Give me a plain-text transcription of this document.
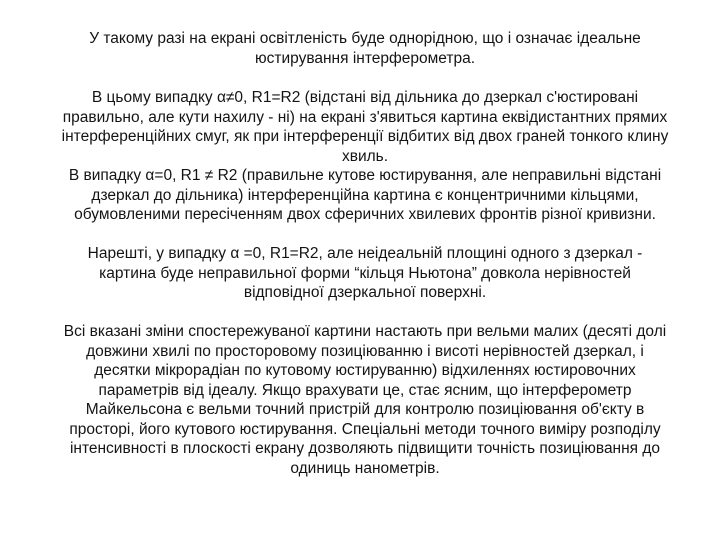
У такому разі на екрані освітленість буде однорідною, що і означає ідеальне
юстирування інтерферометра.
В цьому випадку α≠0, R1=R2 (відстані від дільника до дзеркал с'юстировані
правильно, але кути нахилу - ні) на екрані з'явиться картина еквідистантних прямих
інтерференційних смуг, як при інтерференції відбитих від двох граней тонкого клину
хвиль.
В випадку α=0, R1 ≠ R2 (правильне кутове юстирування, але неправильні відстані
дзеркал до дільника) інтерференційна картина є концентричними кільцями,
обумовленими пересіченням двох сферичних хвилевих фронтів різної кривизни.
Нарешті, у випадку α =0, R1=R2, але неідеальній площині одного з дзеркал -
картина буде неправильної форми “кільця Ньютона” довкола нерівностей
відповідної дзеркальної поверхні.
Всі вказані зміни спостережуваної картини настають при вельми малих (десяті долі
довжини хвилі по просторовому позиціюванню і висоті нерівностей дзеркал, і
десятки мікрорадіан по кутовому юстируванню) відхиленнях юстировочних
параметрів від ідеалу. Якщо врахувати це, стає ясним, що інтерферометр
Майкельсона є вельми точний пристрій для контролю позиціювання об'єкту в
просторі, його кутового юстирування. Спеціальні методи точного виміру розподілу
інтенсивності в плоскості екрану дозволяють підвищити точність позиціювання до
одиниць нанометрів.
